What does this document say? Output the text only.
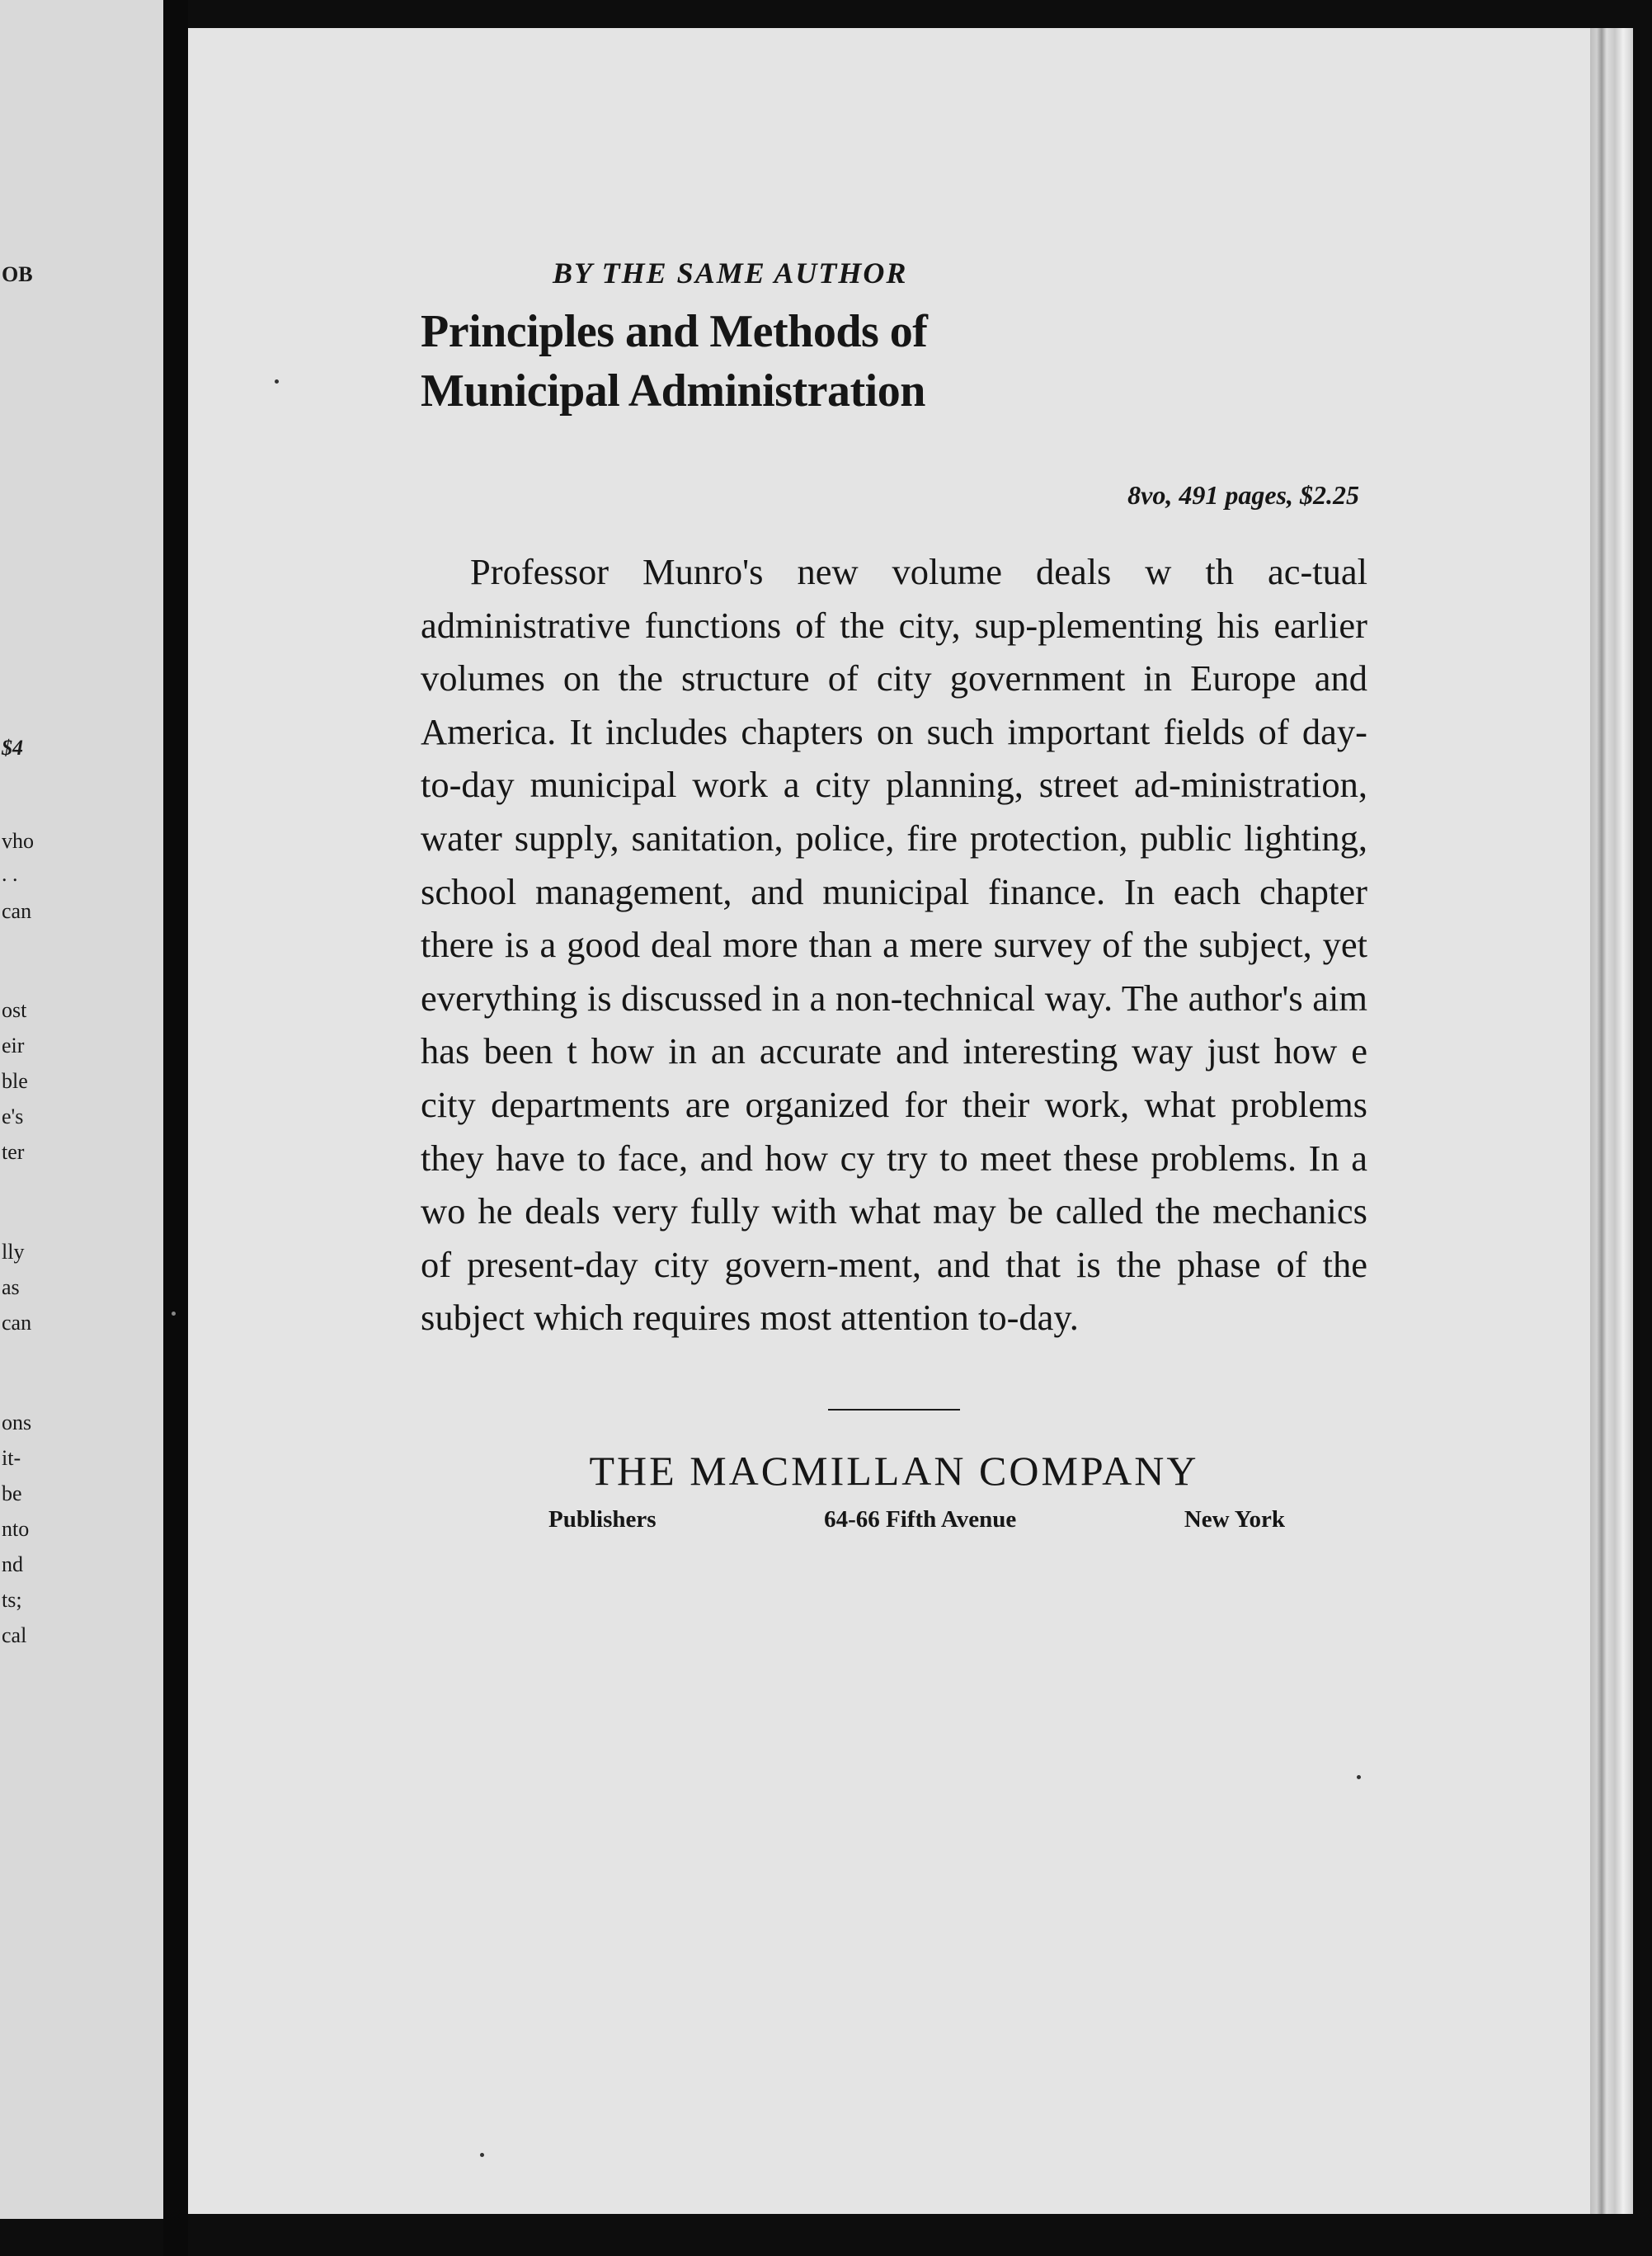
OB
$4
vho
. .
can
ost
eir
ble
e's
ter
lly
as
can
ons
it-
be
nto
nd
ts;
cal
BY THE SAME AUTHOR
Principles and Methods of
Municipal Administration
8vo, 491 pages, $2.25

Professor Munro's new volume deals w th ac-tual administrative functions of the city, sup-plementing his earlier volumes on the structure of city government in Europe and America. It includes chapters on such important fields of day-to-day municipal work a city planning, street ad-ministration, water supply, sanitation, police, fire protection, public lighting, school management, and municipal finance. In each chapter there is a good deal more than a mere survey of the subject, yet everything is discussed in a non-technical way. The author's aim has been t how in an accurate and interesting way just how e city departments are organized for their work, what problems they have to face, and how cy try to meet these problems. In a wo he deals very fully with what may be called the mechanics of present-day city govern-ment, and that is the phase of the subject which requires most attention to-day.

THE MACMILLAN COMPANY
Publishers	64-66 Fifth Avenue	New York
